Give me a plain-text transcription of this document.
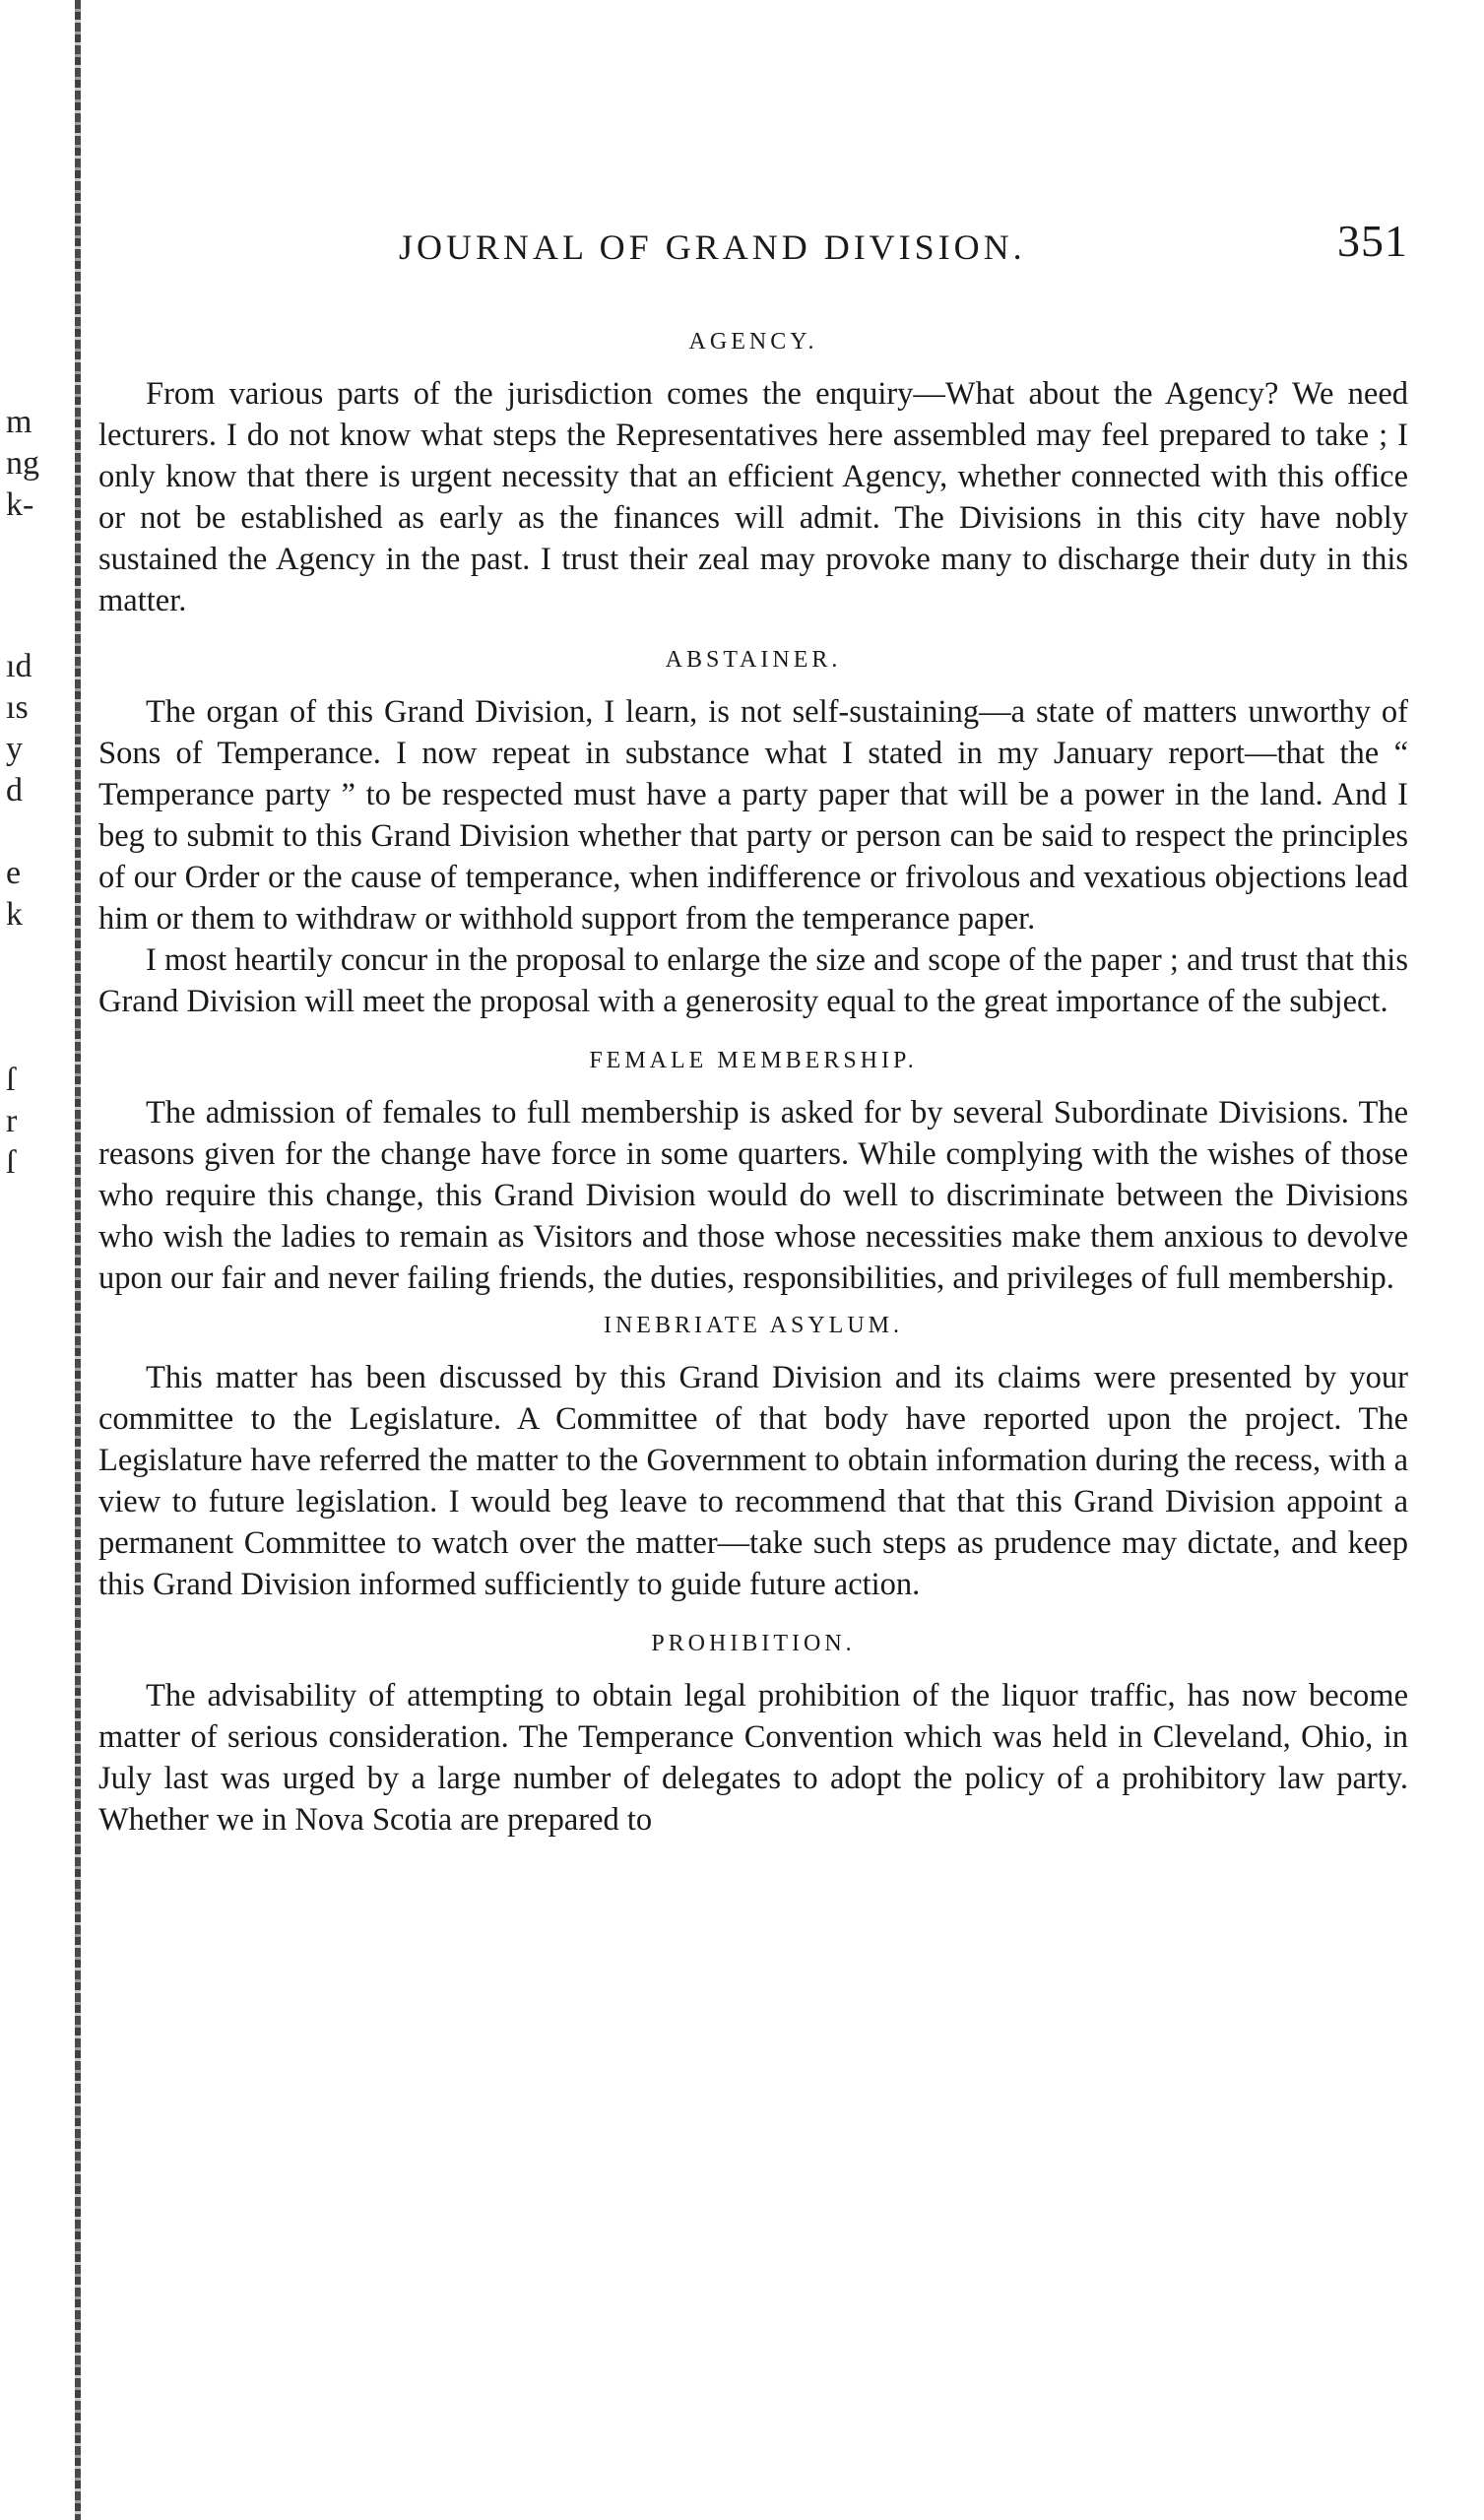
m
ng
k-
ıd
ıs
y
d
e
k
ſ
r
ſ
JOURNAL OF GRAND DIVISION.	351
AGENCY.

From various parts of the jurisdiction comes the enquiry—What about the Agency? We need lecturers. I do not know what steps the Representatives here assembled may feel prepared to take ; I only know that there is urgent necessity that an efficient Agency, whether connected with this office or not be established as early as the finances will admit. The Divisions in this city have nobly sustained the Agency in the past. I trust their zeal may provoke many to discharge their duty in this matter.

ABSTAINER.

The organ of this Grand Division, I learn, is not self-sustaining—a state of matters unworthy of Sons of Temperance. I now repeat in substance what I stated in my January report—that the “ Temperance party ” to be respected must have a party paper that will be a power in the land. And I beg to submit to this Grand Division whether that party or person can be said to respect the principles of our Order or the cause of temperance, when indifference or frivolous and vexatious objections lead him or them to withdraw or withhold support from the temperance paper.

I most heartily concur in the proposal to enlarge the size and scope of the paper ; and trust that this Grand Division will meet the proposal with a generosity equal to the great importance of the subject.

FEMALE MEMBERSHIP.

The admission of females to full membership is asked for by several Subordinate Divisions. The reasons given for the change have force in some quarters. While complying with the wishes of those who require this change, this Grand Division would do well to discriminate between the Divisions who wish the ladies to remain as Visitors and those whose necessities make them anxious to devolve upon our fair and never failing friends, the duties, responsibilities, and privileges of full membership.

INEBRIATE ASYLUM.

This matter has been discussed by this Grand Division and its claims were presented by your committee to the Legislature. A Committee of that body have reported upon the project. The Legislature have referred the matter to the Government to obtain information during the recess, with a view to future legislation. I would beg leave to recommend that that this Grand Division appoint a permanent Committee to watch over the matter—take such steps as prudence may dictate, and keep this Grand Division informed sufficiently to guide future action.

PROHIBITION.

The advisability of attempting to obtain legal prohibition of the liquor traffic, has now become matter of serious consideration. The Temperance Convention which was held in Cleveland, Ohio, in July last was urged by a large number of delegates to adopt the policy of a prohibitory law party. Whether we in Nova Scotia are prepared to
